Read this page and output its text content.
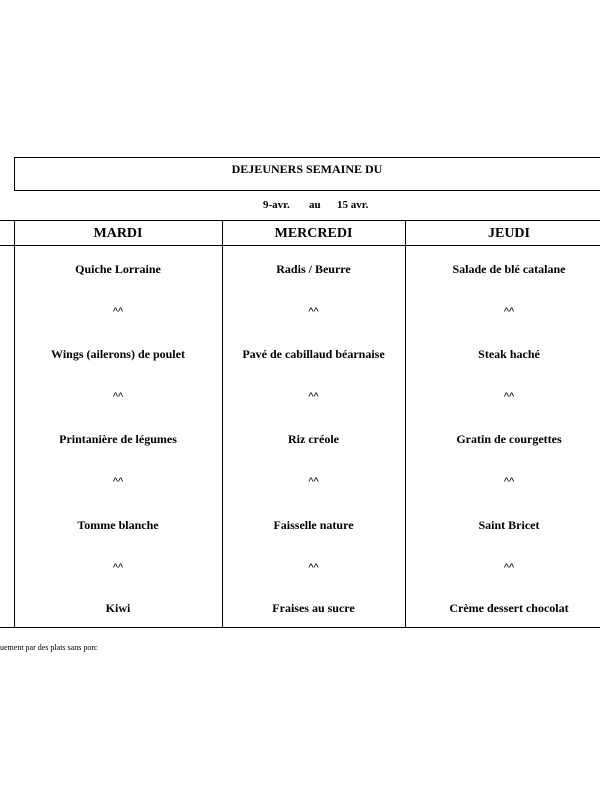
DEJEUNERS SEMAINE DU
9-avr. au 15 avr.
MARDI
Quiche Lorraine
^^
Wings (ailerons) de poulet
^^
Printanière de légumes
^^
Tomme blanche
^^
Kiwi
MERCREDI
Radis / Beurre
^^
Pavé de cabillaud béarnaise
^^
Riz créole
^^
Faisselle nature
^^
Fraises au sucre
JEUDI
Salade de blé catalane
^^
Steak haché
^^
Gratin de courgettes
^^
Saint Bricet
^^
Crème dessert chocolat
uement par des plats sans porc
